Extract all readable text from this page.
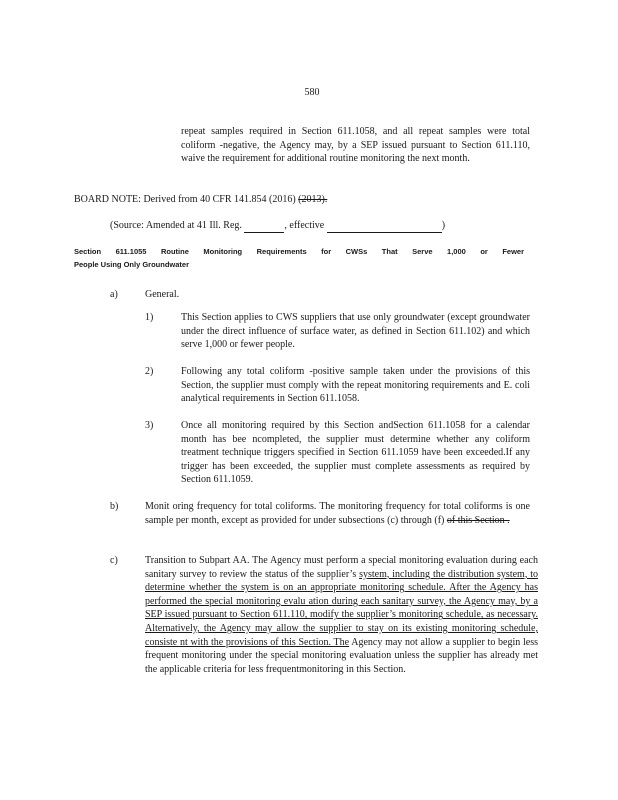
580
repeat samples required in Section 611.1058, and all repeat samples were total coliform -negative, the Agency may, by a SEP issued pursuant to Section 611.110, waive the requirement for additional routine monitoring the next month.
BOARD NOTE: Derived from 40 CFR 141.854 (2016) (2013).
(Source: Amended at 41 Ill. Reg.	, effective	)
Section 611.1055 Routine Monitoring Requirements for CWSs That Serve 1,000 or Fewer
People Using Only Groundwater
a)	General.
1)	This Section applies to CWS suppliers that use only groundwater (except groundwater under the direct influence of surface water, as defined in Section 611.102) and which serve 1,000 or fewer people.
2)	Following any total coliform -positive sample taken under the provisions of this Section, the supplier must comply with the repeat monitoring requirements and E. coli analytical requirements in Section 611.1058.
3)	Once all monitoring required by this Section andSection 611.1058 for a calendar month has bee ncompleted, the supplier must determine whether any coliform treatment technique triggers specified in Section 611.1059 have been exceeded.If any trigger has been exceeded, the supplier must complete assessments as required by Section 611.1059.
b)	Monit oring frequency for total coliforms. The monitoring frequency for total coliforms is one sample per month, except as provided for under subsections (c) through (f) of this Section .
c)	Transition to Subpart AA. The Agency must perform a special monitoring evaluation during each sanitary survey to review the status of the supplier’s system, including the distribution system, to determine whether the system is on an appropriate monitoring schedule. After the Agency has performed the special monitoring evalu ation during each sanitary survey, the Agency may, by a SEP issued pursuant to Section 611.110, modify the supplier’s monitoring schedule, as necessary. Alternatively, the Agency may allow the supplier to stay on its existing monitoring schedule, consiste nt with the provisions of this Section. The Agency may not allow a supplier to begin less frequent monitoring under the special monitoring evaluation unless the supplier has already met the applicable criteria for less frequentmonitoring in this Section.
